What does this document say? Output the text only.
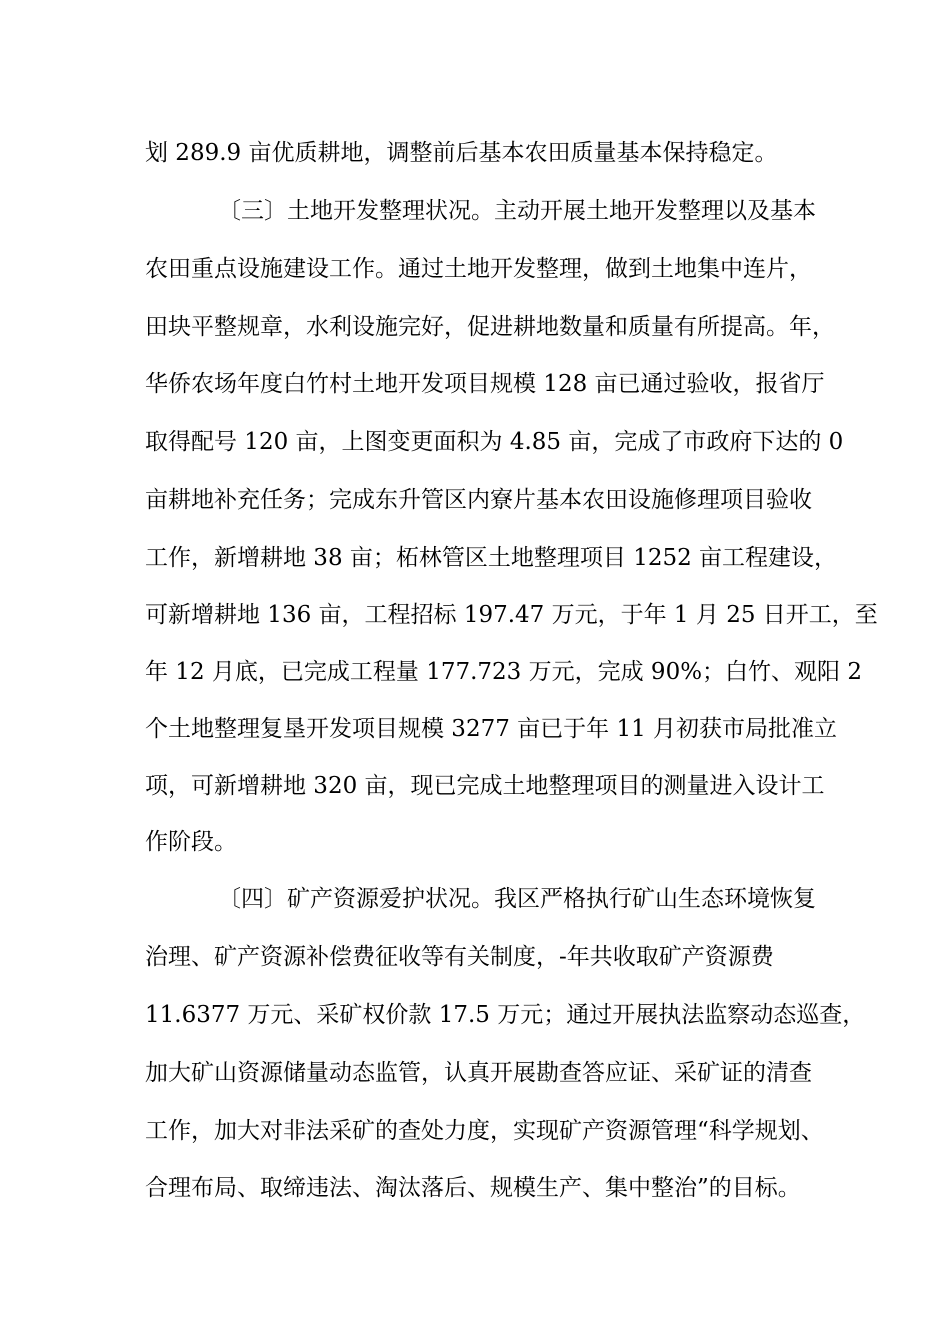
划 289.9 亩优质耕地，调整前后基本农田质量基本保持稳定。
〔三〕土地开发整理状况。主动开展土地开发整理以及基本
农田重点设施建设工作。通过土地开发整理，做到土地集中连片，
田块平整规章，水利设施完好，促进耕地数量和质量有所提高。年，
华侨农场年度白竹村土地开发项目规模 128 亩已通过验收，报省厅
取得配号 120 亩，上图变更面积为 4.85 亩，完成了市政府下达的 0
亩耕地补充任务；完成东升管区内寮片基本农田设施修理项目验收
工作，新增耕地 38 亩；柘林管区土地整理项目 1252 亩工程建设，
可新增耕地 136 亩，工程招标 197.47 万元，于年 1 月 25 日开工，至
年 12 月底，已完成工程量 177.723 万元，完成 90%；白竹、观阳 2
个土地整理复垦开发项目规模 3277 亩已于年 11 月初获市局批准立
项，可新增耕地 320 亩，现已完成土地整理项目的测量进入设计工
作阶段。
〔四〕矿产资源爱护状况。我区严格执行矿山生态环境恢复
治理、矿产资源补偿费征收等有关制度，-年共收取矿产资源费
11.6377 万元、采矿权价款 17.5 万元；通过开展执法监察动态巡查，
加大矿山资源储量动态监管，认真开展勘查答应证、采矿证的清查
工作，加大对非法采矿的查处力度，实现矿产资源管理“科学规划、
合理布局、取缔违法、淘汰落后、规模生产、集中整治”的目标。
